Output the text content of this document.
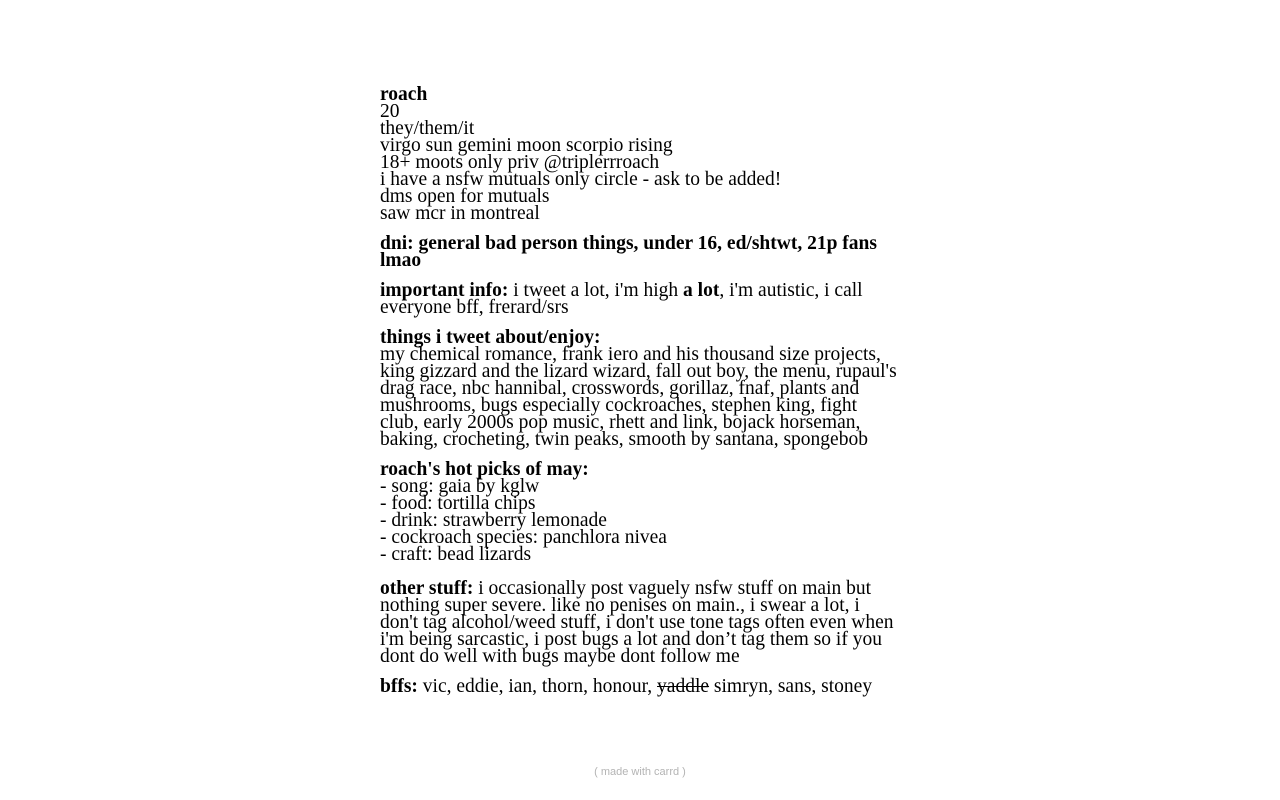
roach
20
they/them/it
virgo sun gemini moon scorpio rising
18+ moots only priv @triplerrroach
i have a nsfw mutuals only circle - ask to be added!
dms open for mutuals
saw mcr in montreal
dni: general bad person things, under 16, ed/shtwt, 21p fans lmao
important info: i tweet a lot, i'm high a lot, i'm autistic, i call everyone bff, frerard/srs
things i tweet about/enjoy:
my chemical romance, frank iero and his thousand size projects, king gizzard and the lizard wizard, fall out boy, the menu, rupaul's drag race, nbc hannibal, crosswords, gorillaz, fnaf, plants and mushrooms, bugs especially cockroaches, stephen king, fight club, early 2000s pop music, rhett and link, bojack horseman, baking, crocheting, twin peaks, smooth by santana, spongebob
roach's hot picks of may:
- song: gaia by kglw
- food: tortilla chips
- drink: strawberry lemonade
- cockroach species: panchlora nivea
- craft: bead lizards
other stuff: i occasionally post vaguely nsfw stuff on main but nothing super severe. like no penises on main., i swear a lot, i don't tag alcohol/weed stuff, i don't use tone tags often even when i'm being sarcastic, i post bugs a lot and don’t tag them so if you dont do well with bugs maybe dont follow me
bffs: vic, eddie, ian, thorn, honour, yaddle simryn, sans, stoney
( made with carrd )
